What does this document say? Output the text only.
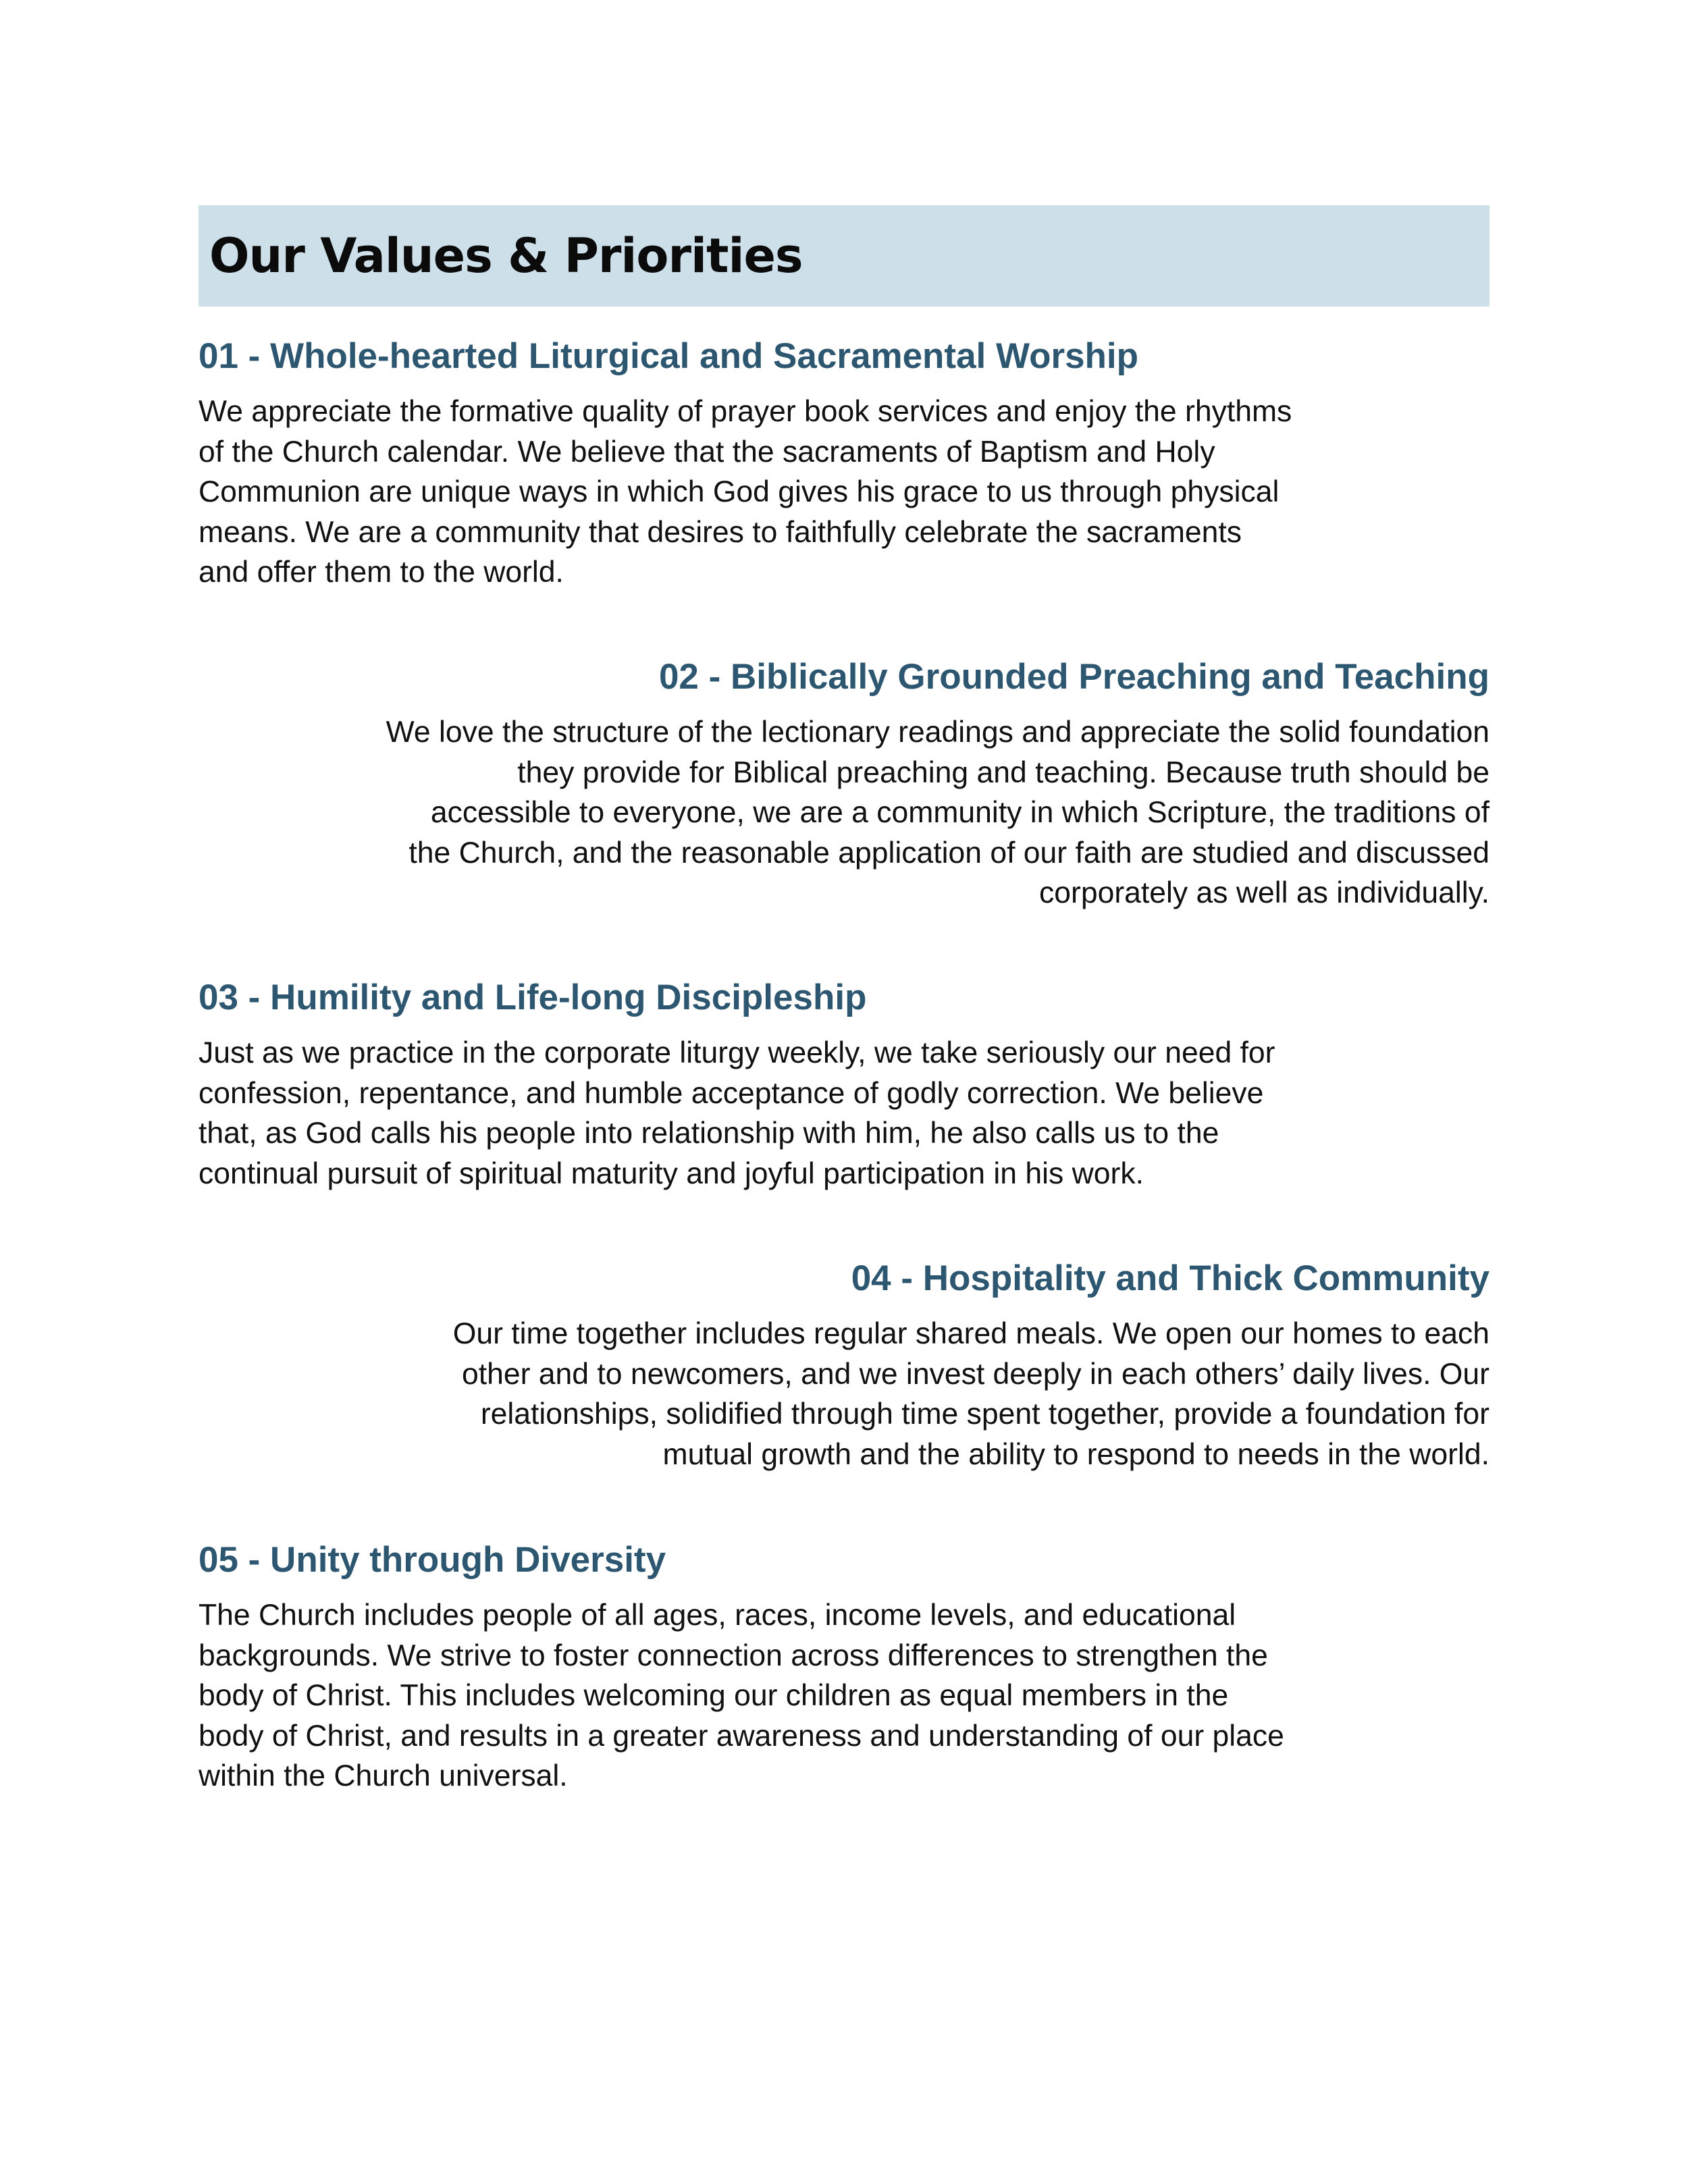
Our Values & Priorities
01 - Whole-hearted Liturgical and Sacramental Worship

We appreciate the formative quality of prayer book services and enjoy the rhythms of the Church calendar. We believe that the sacraments of Baptism and Holy Communion are unique ways in which God gives his grace to us through physical means. We are a community that desires to faithfully celebrate the sacraments and offer them to the world.

02 - Biblically Grounded Preaching and Teaching

We love the structure of the lectionary readings and appreciate the solid foundation they provide for Biblical preaching and teaching. Because truth should be accessible to everyone, we are a community in which Scripture, the traditions of the Church, and the reasonable application of our faith are studied and discussed corporately as well as individually.

03 - Humility and Life-long Discipleship

Just as we practice in the corporate liturgy weekly, we take seriously our need for confession, repentance, and humble acceptance of godly correction. We believe that, as God calls his people into relationship with him, he also calls us to the continual pursuit of spiritual maturity and joyful participation in his work.

04 - Hospitality and Thick Community

Our time together includes regular shared meals. We open our homes to each other and to newcomers, and we invest deeply in each others’ daily lives. Our relationships, solidified through time spent together, provide a foundation for mutual growth and the ability to respond to needs in the world.

05 - Unity through Diversity

The Church includes people of all ages, races, income levels, and educational backgrounds. We strive to foster connection across differences to strengthen the body of Christ. This includes welcoming our children as equal members in the body of Christ, and results in a greater awareness and understanding of our place within the Church universal.
